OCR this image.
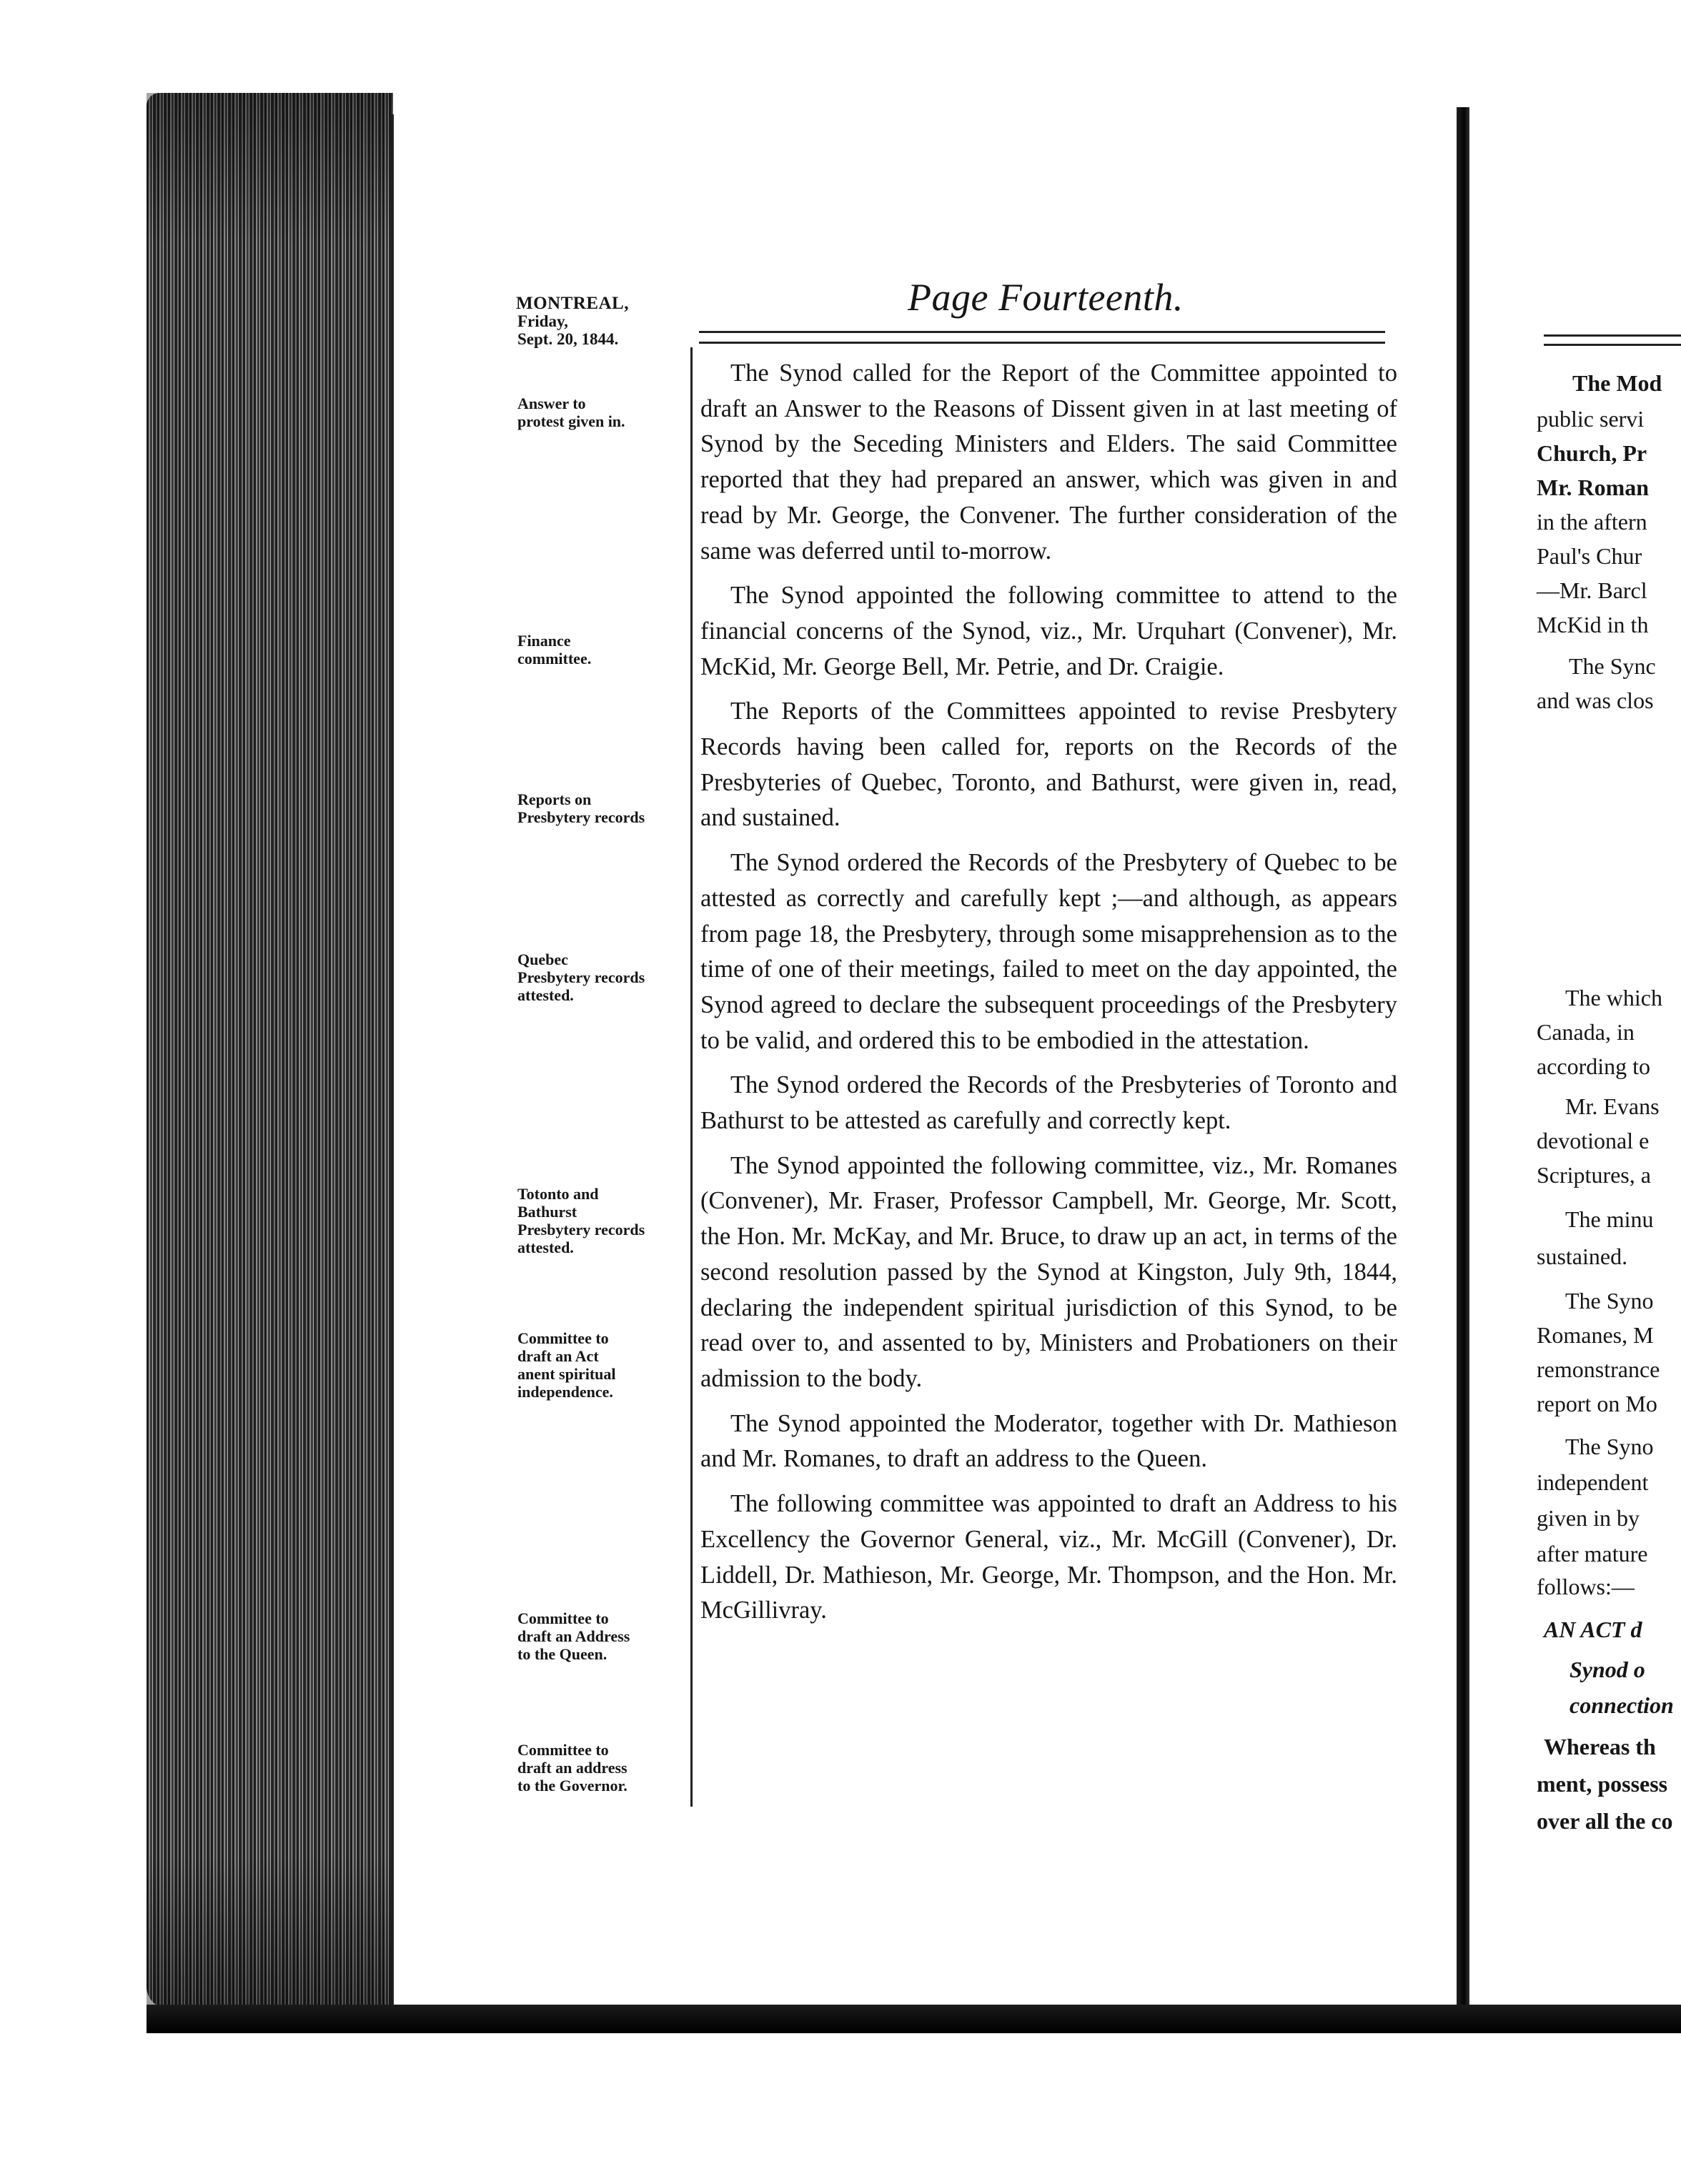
MONTREAL,
Friday,
Sept. 20, 1844.
Answer to
protest given in.
Finance
committee.
Reports on
Presbytery records
Quebec
Presbytery records
attested.
Totonto and
Bathurst
Presbytery records
attested.
Committee to
draft an Act
anent spiritual
independence.
Committee to
draft an Address
to the Queen.
Committee to
draft an address
to the Governor.

The Synod called for the Report of the Committee appointed to draft an Answer to the Reasons of Dissent given in at last meeting of Synod by the Seceding Ministers and Elders. The said Committee reported that they had prepared an answer, which was given in and read by Mr. George, the Convener. The further consideration of the same was deferred until to-morrow.

The Synod appointed the following committee to attend to the financial concerns of the Synod, viz., Mr. Urquhart (Convener), Mr. McKid, Mr. George Bell, Mr. Petrie, and Dr. Craigie.

The Reports of the Committees appointed to revise Presbytery Records having been called for, reports on the Records of the Presbyteries of Quebec, Toronto, and Bathurst, were given in, read, and sustained.

The Synod ordered the Records of the Presbytery of Quebec to be attested as correctly and carefully kept ;—and although, as appears from page 18, the Presbytery, through some misapprehension as to the time of one of their meetings, failed to meet on the day appointed, the Synod agreed to declare the subsequent proceedings of the Presbytery to be valid, and ordered this to be embodied in the attestation.

The Synod ordered the Records of the Presbyteries of Toronto and Bathurst to be attested as carefully and correctly kept.

The Synod appointed the following committee, viz., Mr. Romanes (Convener), Mr. Fraser, Professor Campbell, Mr. George, Mr. Scott, the Hon. Mr. McKay, and Mr. Bruce, to draw up an act, in terms of the second resolution passed by the Synod at Kingston, July 9th, 1844, declaring the independent spiritual jurisdiction of this Synod, to be read over to, and assented to by, Ministers and Probationers on their admission to the body.

The Synod appointed the Moderator, together with Dr. Mathieson and Mr. Romanes, to draft an address to the Queen.

The following committee was appointed to draft an Address to his Excellency the Governor General, viz., Mr. McGill (Convener), Dr. Liddell, Dr. Mathieson, Mr. George, Mr. Thompson, and the Hon. Mr. McGillivray.

The Mod
public servi
Church, Pr
Mr. Roman
in the aftern
Paul's Chur
—Mr. Barcl
McKid in th
The Sync
and was clos
The which
Canada, in
according to
Mr. Evans
devotional e
Scriptures, a
The minu
sustained.
The Syno
Romanes, M
remonstrance
report on Mo
The Syno
independent
given in by
after mature
follows:—
AN ACT d
Synod o
connection
Whereas th
ment, possess
over all the co
